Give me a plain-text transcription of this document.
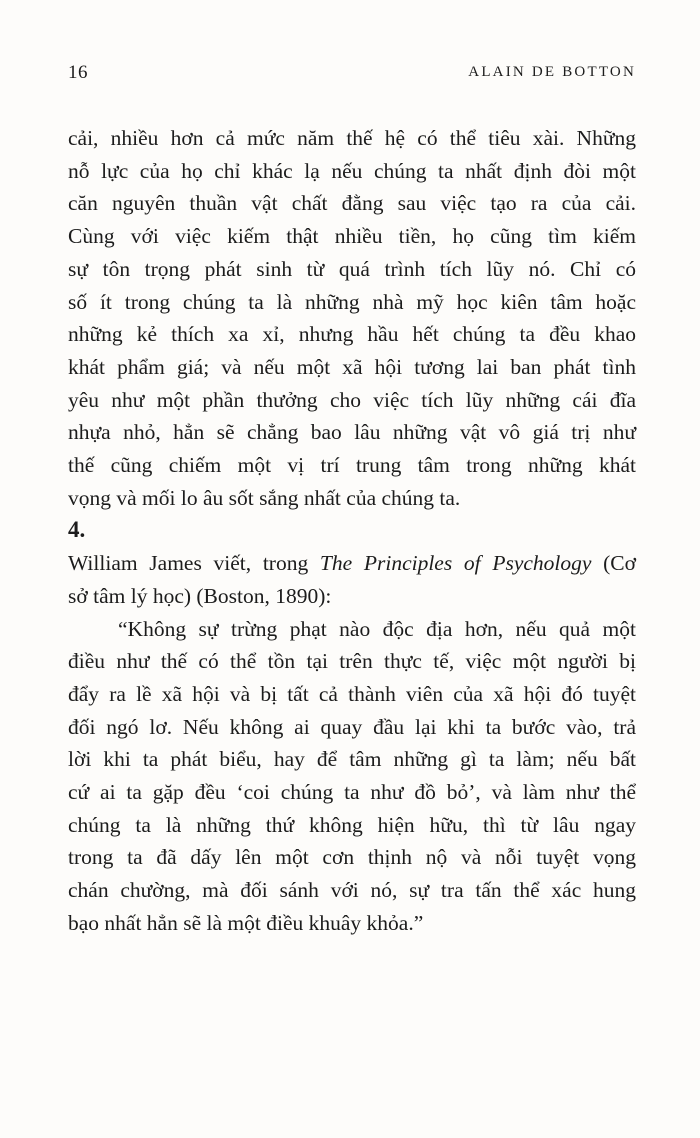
16	ALAIN DE BOTTON

cải, nhiều hơn cả mức năm thế hệ có thể tiêu xài. Những
nỗ lực của họ chỉ khác lạ nếu chúng ta nhất định đòi một
căn nguyên thuần vật chất đằng sau việc tạo ra của cải.
Cùng với việc kiếm thật nhiều tiền, họ cũng tìm kiếm
sự tôn trọng phát sinh từ quá trình tích lũy nó. Chỉ có
số ít trong chúng ta là những nhà mỹ học kiên tâm hoặc
những kẻ thích xa xỉ, nhưng hầu hết chúng ta đều khao
khát phẩm giá; và nếu một xã hội tương lai ban phát tình
yêu như một phần thưởng cho việc tích lũy những cái đĩa
nhựa nhỏ, hẳn sẽ chẳng bao lâu những vật vô giá trị như
thế cũng chiếm một vị trí trung tâm trong những khát
vọng và mối lo âu sốt sắng nhất của chúng ta.

4.

William James viết, trong The Principles of Psychology (Cơ
sở tâm lý học) (Boston, 1890):

“Không sự trừng phạt nào độc địa hơn, nếu quả một
điều như thế có thể tồn tại trên thực tế, việc một người bị
đẩy ra lề xã hội và bị tất cả thành viên của xã hội đó tuyệt
đối ngó lơ. Nếu không ai quay đầu lại khi ta bước vào, trả
lời khi ta phát biểu, hay để tâm những gì ta làm; nếu bất
cứ ai ta gặp đều ‘coi chúng ta như đồ bỏ’, và làm như thể
chúng ta là những thứ không hiện hữu, thì từ lâu ngay
trong ta đã dấy lên một cơn thịnh nộ và nỗi tuyệt vọng
chán chường, mà đối sánh với nó, sự tra tấn thể xác hung
bạo nhất hẳn sẽ là một điều khuây khỏa.”
